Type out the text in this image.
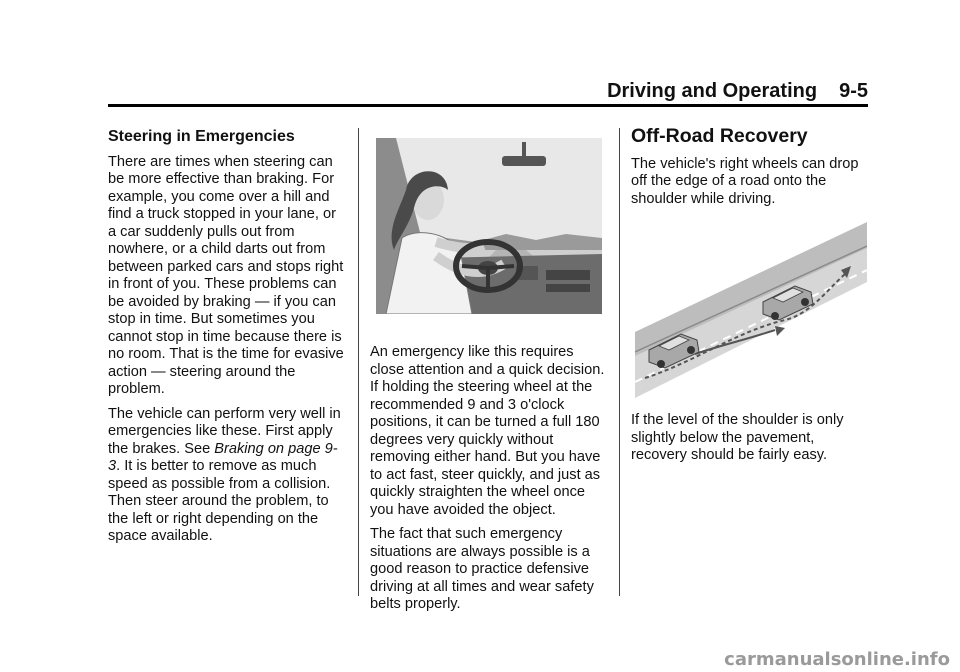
Driving and Operating 9-5
Steering in Emergencies

There are times when steering can be more effective than braking. For example, you come over a hill and find a truck stopped in your lane, or a car suddenly pulls out from nowhere, or a child darts out from between parked cars and stops right in front of you. These problems can be avoided by braking — if you can stop in time. But sometimes you cannot stop in time because there is no room. That is the time for evasive action — steering around the problem.

The vehicle can perform very well in emergencies like these. First apply the brakes. See Braking on page 9-3. It is better to remove as much speed as possible from a collision. Then steer around the problem, to the left or right depending on the space available.

An emergency like this requires close attention and a quick decision. If holding the steering wheel at the recommended 9 and 3 o'clock positions, it can be turned a full 180 degrees very quickly without removing either hand. But you have to act fast, steer quickly, and just as quickly straighten the wheel once you have avoided the object.

The fact that such emergency situations are always possible is a good reason to practice defensive driving at all times and wear safety belts properly.

Off-Road Recovery

The vehicle's right wheels can drop off the edge of a road onto the shoulder while driving.

If the level of the shoulder is only slightly below the pavement, recovery should be fairly easy.

carmanualsonline.info
